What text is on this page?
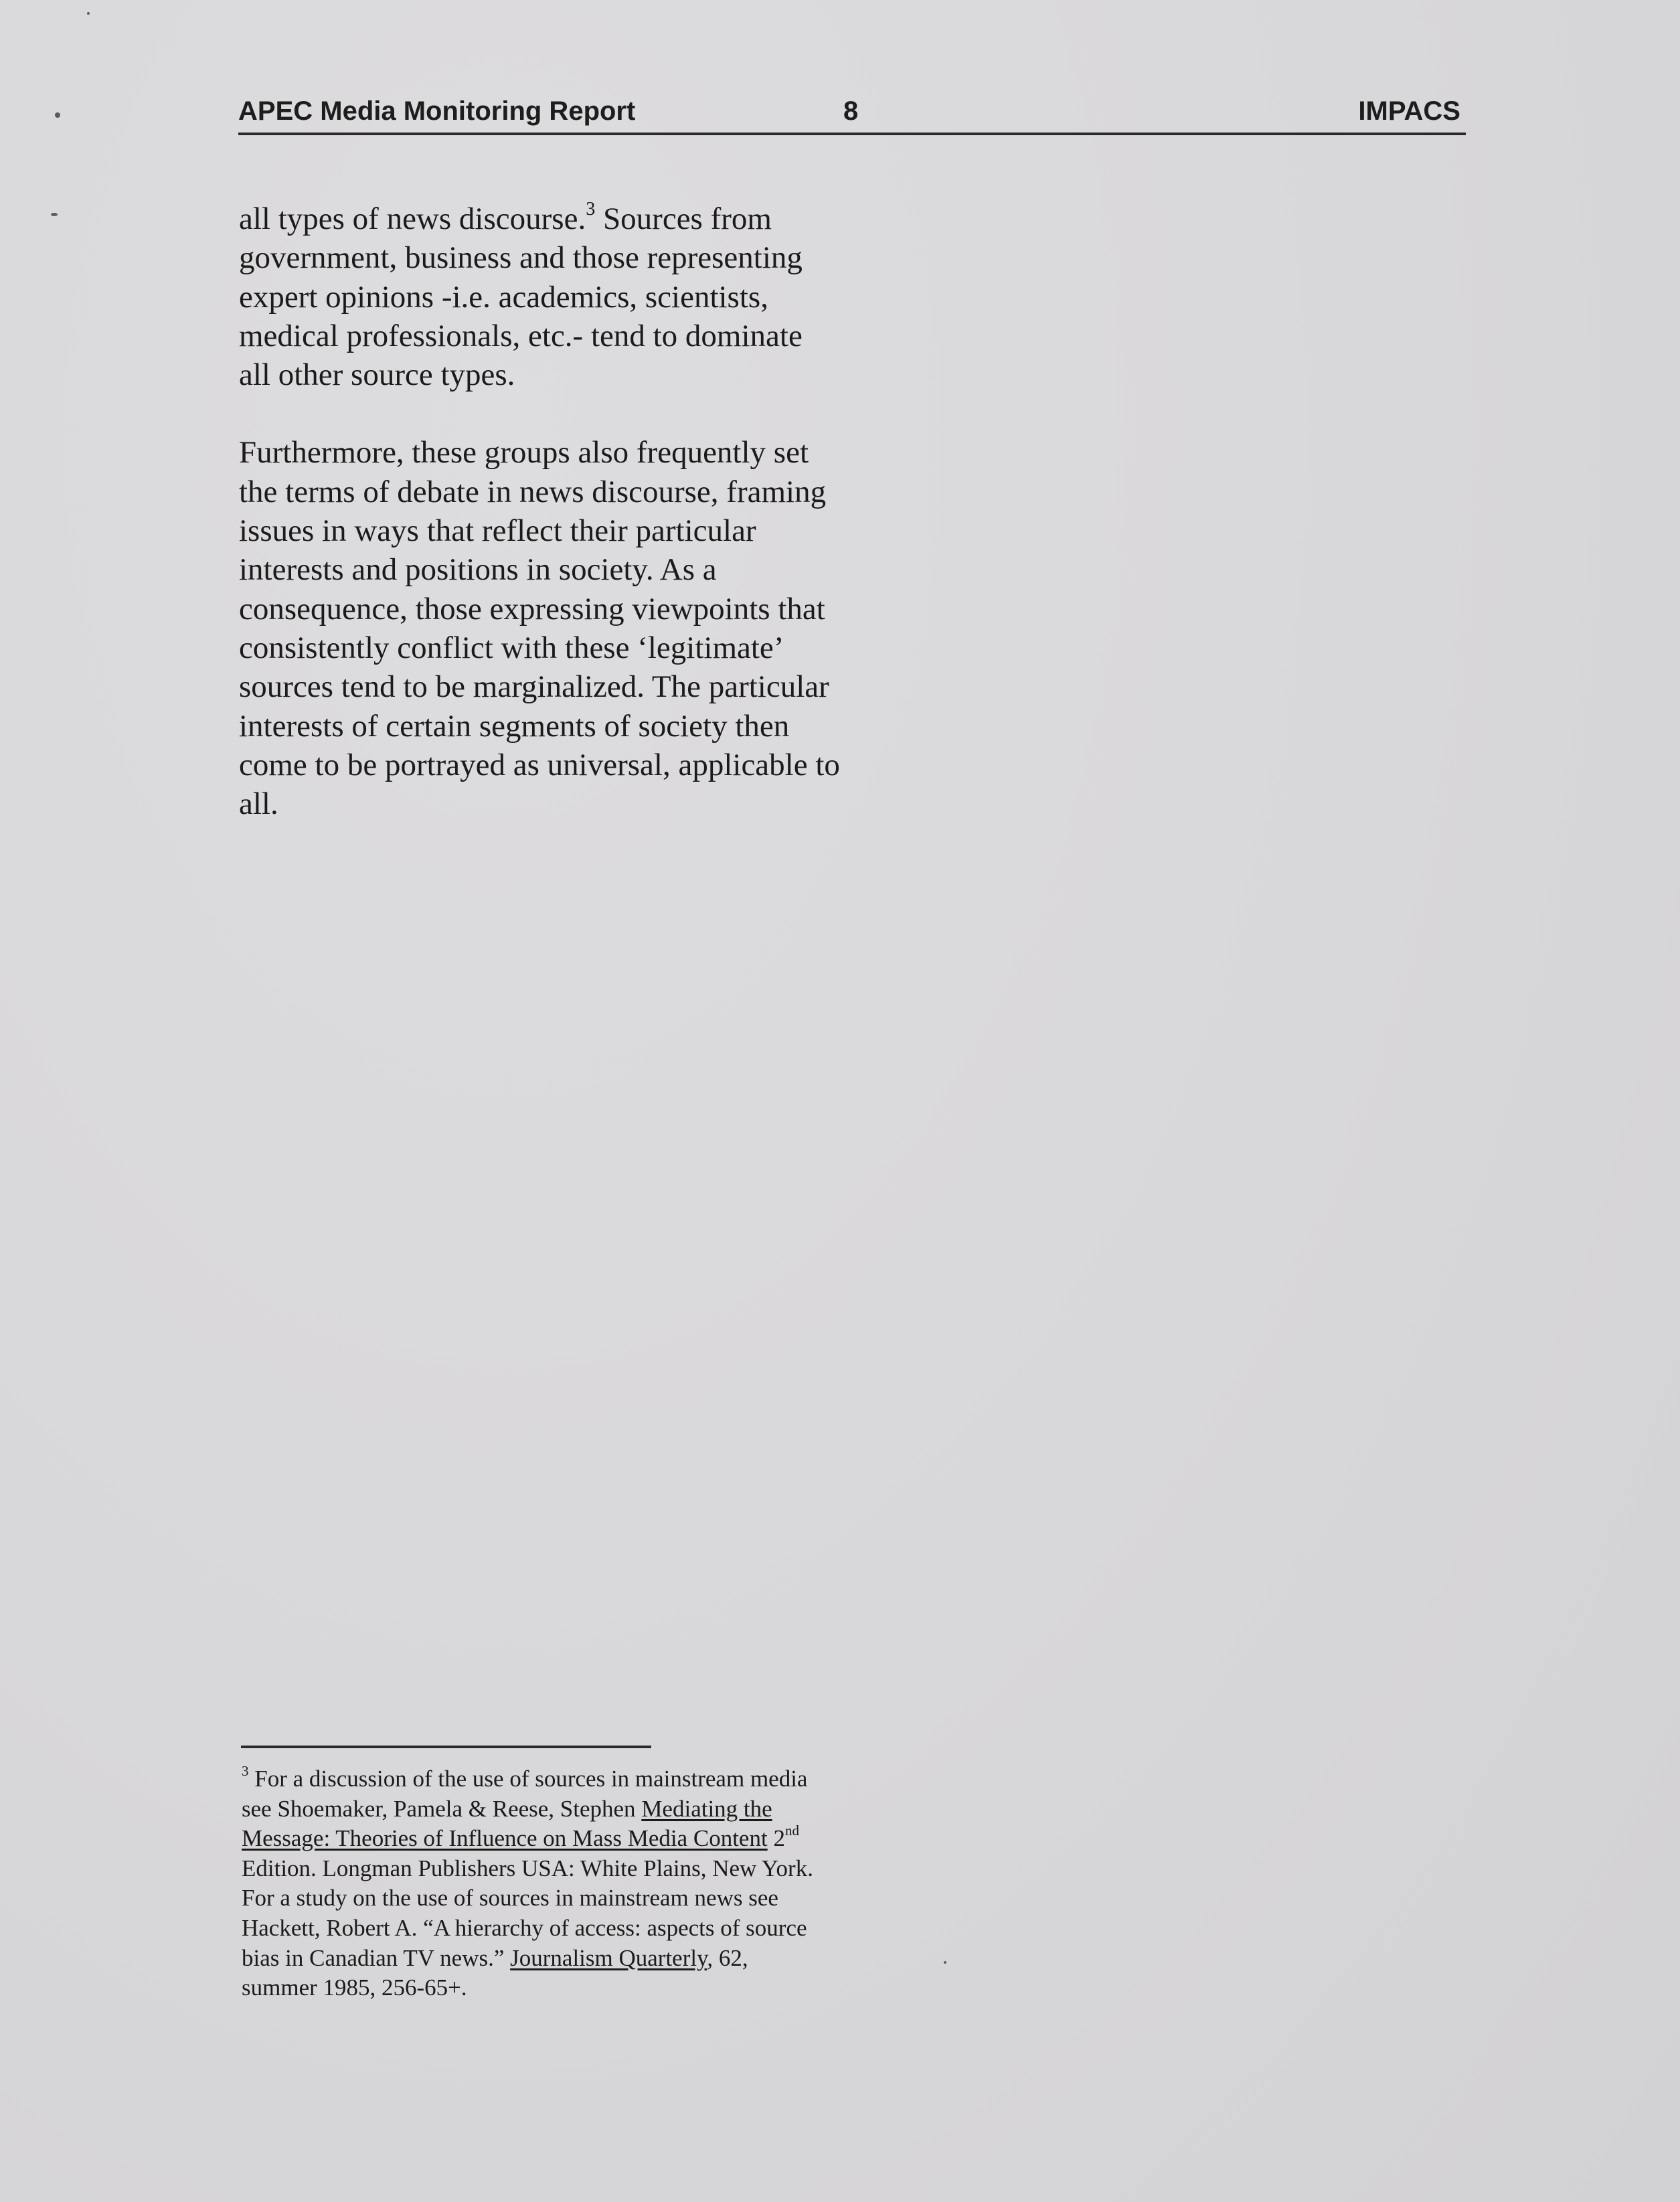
APEC Media Monitoring Report	8	IMPACS

all types of news discourse.$^3$ Sources from government, business and those representing expert opinions -i.e. academics, scientists, medical professionals, etc.- tend to dominate all other source types.

Furthermore, these groups also frequently set the terms of debate in news discourse, framing issues in ways that reflect their particular interests and positions in society. As a consequence, those expressing viewpoints that consistently conflict with these ‘legitimate’ sources tend to be marginalized. The particular interests of certain segments of society then come to be portrayed as universal, applicable to all.

$^3$ For a discussion of the use of sources in mainstream media see Shoemaker, Pamela & Reese, Stephen Mediating the Message: Theories of Influence on Mass Media Content 2nd Edition. Longman Publishers USA: White Plains, New York. For a study on the use of sources in mainstream news see Hackett, Robert A. “A hierarchy of access: aspects of source bias in Canadian TV news.” Journalism Quarterly, 62, summer 1985, 256-65+.
